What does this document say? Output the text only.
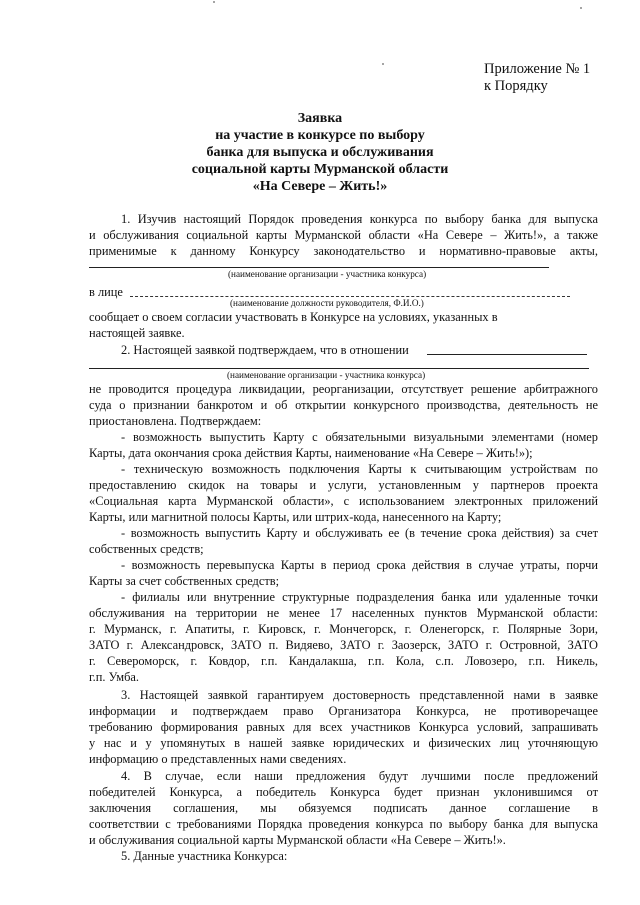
Приложение № 1
к Порядку
Заявка
на участие в конкурсе по выбору
банка для выпуска и обслуживания
социальной карты Мурманской области
«На Севере – Жить!»
1. Изучив настоящий Порядок проведения конкурса по выбору банка для выпуска
и обслуживания социальной карты Мурманской области «На Севере – Жить!», а также
применимые к данному Конкурсу законодательство и нормативно-правовые акты,
(наименование организации - участника конкурса)
в лице
(наименование должности руководителя, Ф.И.О.)
сообщает о своем согласии участвовать в Конкурсе на условиях, указанных в
настоящей заявке.
2. Настоящей заявкой подтверждаем, что в отношении
(наименование организации - участника конкурса)
не проводится процедура ликвидации, реорганизации, отсутствует решение арбитражного
суда о признании банкротом и об открытии конкурсного производства, деятельность не
приостановлена. Подтверждаем:
- возможность выпустить Карту с обязательными визуальными элементами (номер
Карты, дата окончания срока действия Карты, наименование «На Севере – Жить!»);
- техническую возможность подключения Карты к считывающим устройствам по
предоставлению скидок на товары и услуги, установленным у партнеров проекта
«Социальная карта Мурманской области», с использованием электронных приложений
Карты, или магнитной полосы Карты, или штрих-кода, нанесенного на Карту;
- возможность выпустить Карту и обслуживать ее (в течение срока действия) за счет
собственных средств;
- возможность перевыпуска Карты в период срока действия в случае утраты, порчи
Карты за счет собственных средств;
- филиалы или внутренние структурные подразделения банка или удаленные точки
обслуживания на территории не менее 17 населенных пунктов Мурманской области:
г. Мурманск, г. Апатиты, г. Кировск, г. Мончегорск, г. Оленегорск, г. Полярные Зори,
ЗАТО г. Александровск, ЗАТО п. Видяево, ЗАТО г. Заозерск, ЗАТО г. Островной, ЗАТО
г. Североморск, г. Ковдор, г.п. Кандалакша, г.п. Кола, с.п. Ловозеро, г.п. Никель,
г.п. Умба.
3. Настоящей заявкой гарантируем достоверность представленной нами в заявке
информации и подтверждаем право Организатора Конкурса, не противоречащее
требованию формирования равных для всех участников Конкурса условий, запрашивать
у нас и у упомянутых в нашей заявке юридических и физических лиц уточняющую
информацию о представленных нами сведениях.
4. В случае, если наши предложения будут лучшими после предложений
победителей Конкурса, а победитель Конкурса будет признан уклонившимся от
заключения соглашения, мы обязуемся подписать данное соглашение в
соответствии с требованиями Порядка проведения конкурса по выбору банка для выпуска
и обслуживания социальной карты Мурманской области «На Севере – Жить!».
5. Данные участника Конкурса:
